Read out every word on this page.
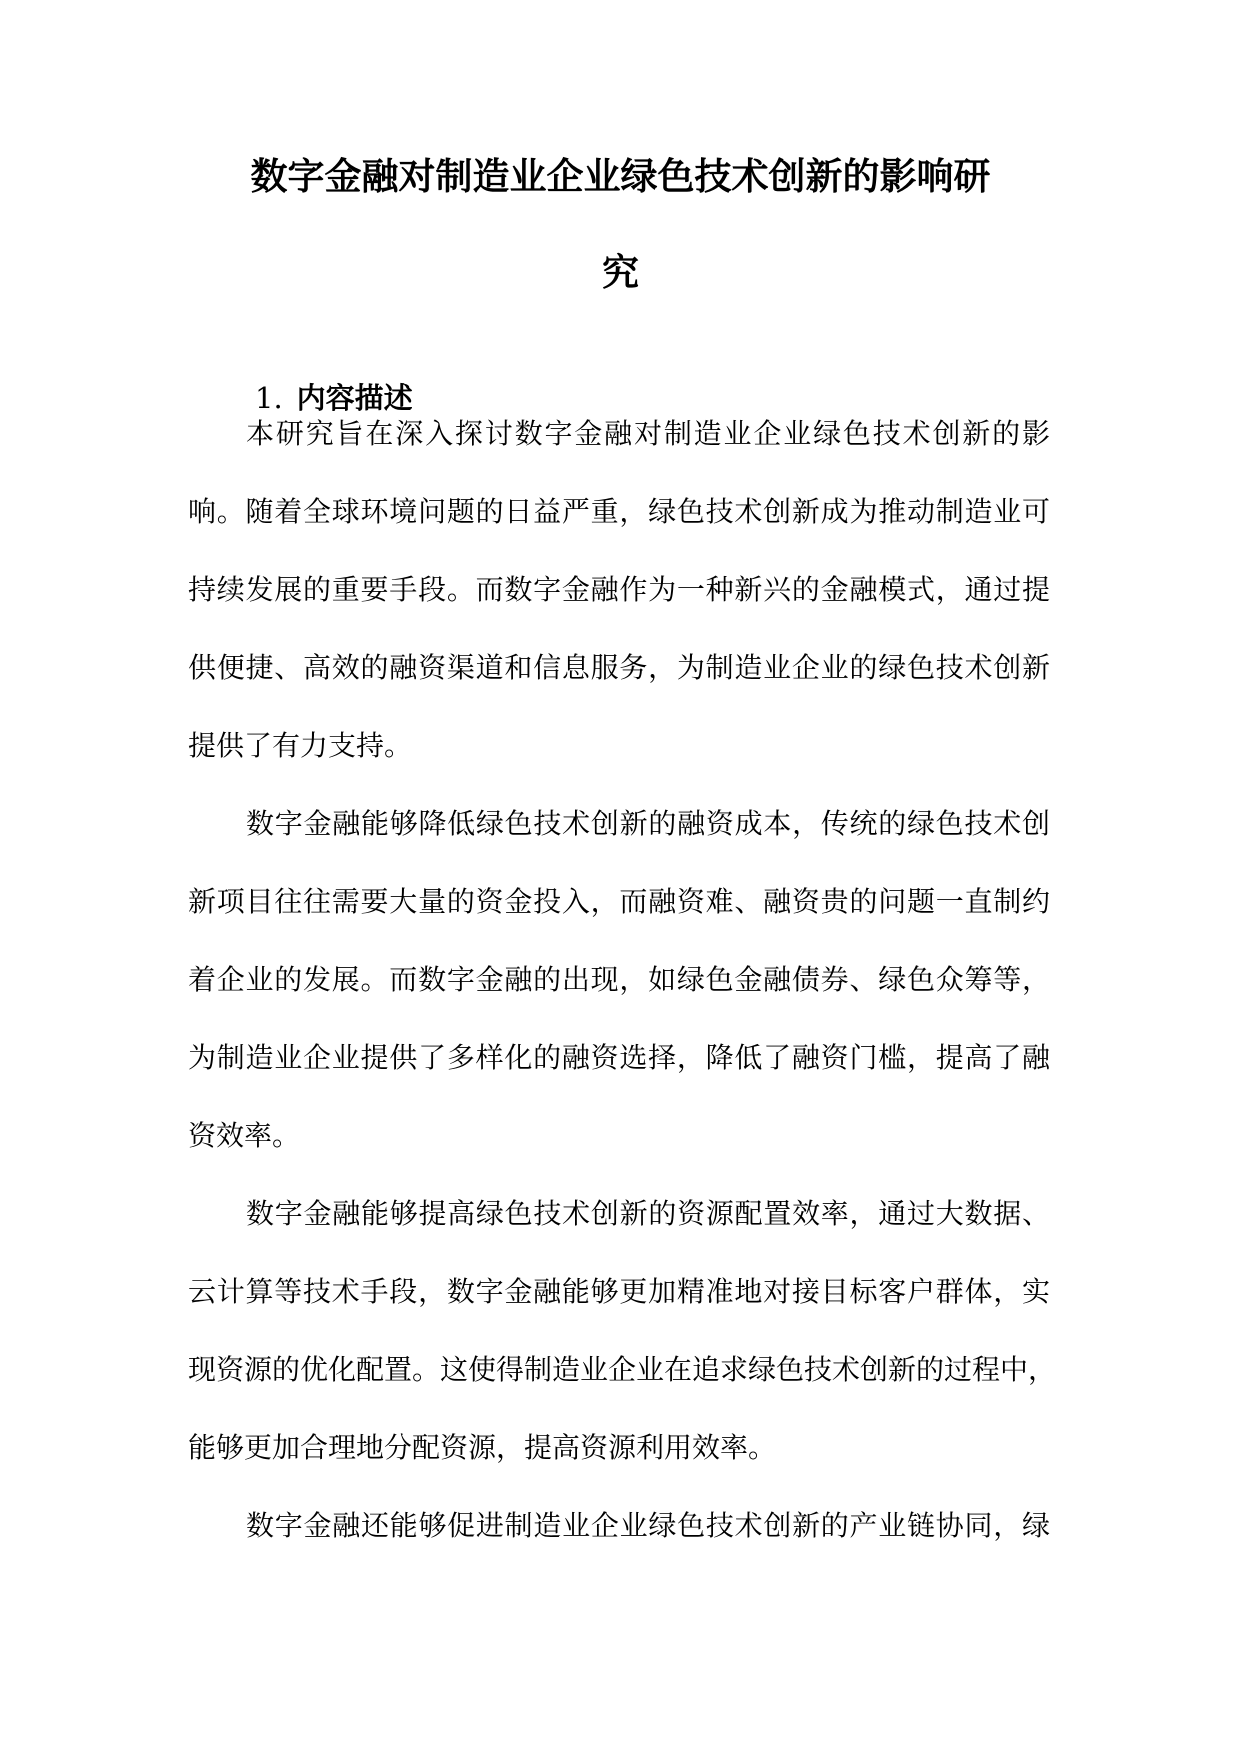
数字金融对制造业企业绿色技术创新的影响研
究
1. 内容描述
本研究旨在深入探讨数字金融对制造业企业绿色技术创新的影
响。随着全球环境问题的日益严重，绿色技术创新成为推动制造业可
持续发展的重要手段。而数字金融作为一种新兴的金融模式，通过提
供便捷、高效的融资渠道和信息服务，为制造业企业的绿色技术创新
提供了有力支持。
数字金融能够降低绿色技术创新的融资成本，传统的绿色技术创
新项目往往需要大量的资金投入，而融资难、融资贵的问题一直制约
着企业的发展。而数字金融的出现，如绿色金融债券、绿色众筹等，
为制造业企业提供了多样化的融资选择，降低了融资门槛，提高了融
资效率。
数字金融能够提高绿色技术创新的资源配置效率，通过大数据、
云计算等技术手段，数字金融能够更加精准地对接目标客户群体，实
现资源的优化配置。这使得制造业企业在追求绿色技术创新的过程中，
能够更加合理地分配资源，提高资源利用效率。
数字金融还能够促进制造业企业绿色技术创新的产业链协同，绿
